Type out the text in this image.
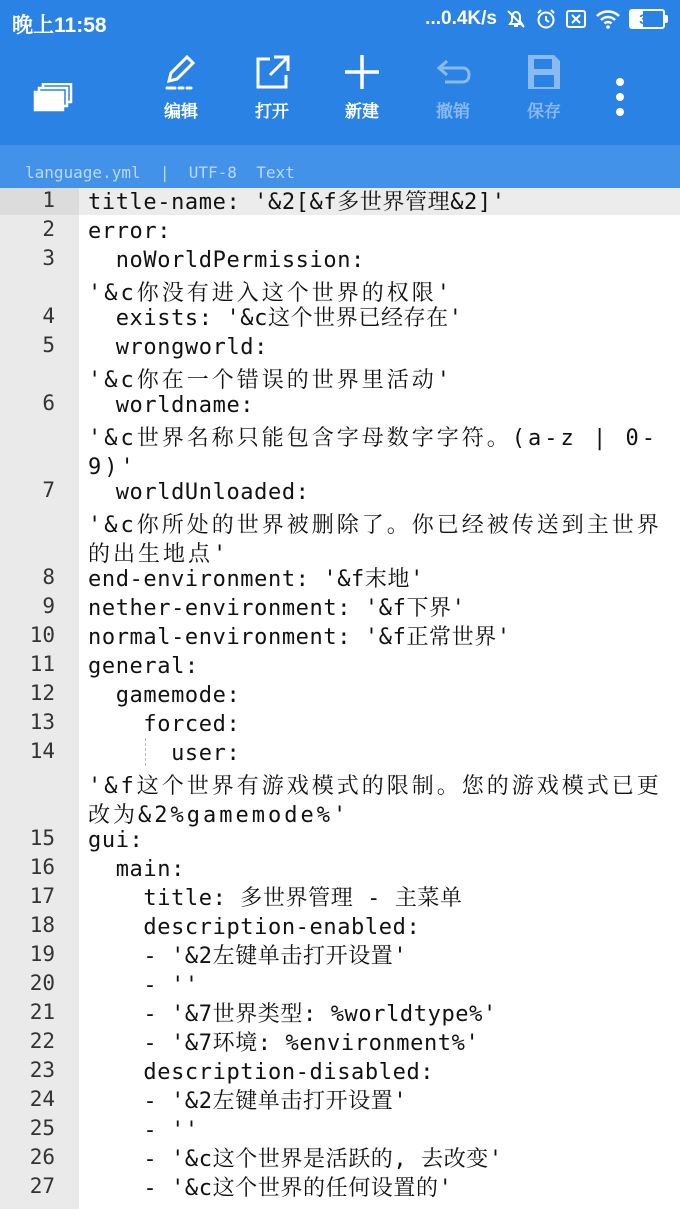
晚上11:58	...0.4K/s	38
编辑	打开	新建	撤销	保存
language.yml | UTF-8 Text
1 title-name: '&2[&f多世界管理&2]'
2 error:
3 noWorldPermission:
'&c你没有进入这个世界的权限'
4 exists: '&c这个世界已经存在'
5 wrongworld:
'&c你在一个错误的世界里活动'
6 worldname:
'&c世界名称只能包含字母数字字符。(a-z | 0-9)'
7 worldUnloaded:
'&c你所处的世界被删除了。你已经被传送到主世界的出生地点'
8 end-environment: '&f末地'
9 nether-environment: '&f下界'
10 normal-environment: '&f正常世界'
11 general:
12 gamemode:
13 forced:
14 user:
'&f这个世界有游戏模式的限制。您的游戏模式已更改为&2%gamemode%'
15 gui:
16 main:
17 title: 多世界管理 - 主菜单
18 description-enabled:
19 - '&2左键单击打开设置'
20 - ''
21 - '&7世界类型: %worldtype%'
22 - '&7环境: %environment%'
23 description-disabled:
24 - '&2左键单击打开设置'
25 - ''
26 - '&c这个世界是活跃的, 去改变'
27 - '&c这个世界的任何设置的'
